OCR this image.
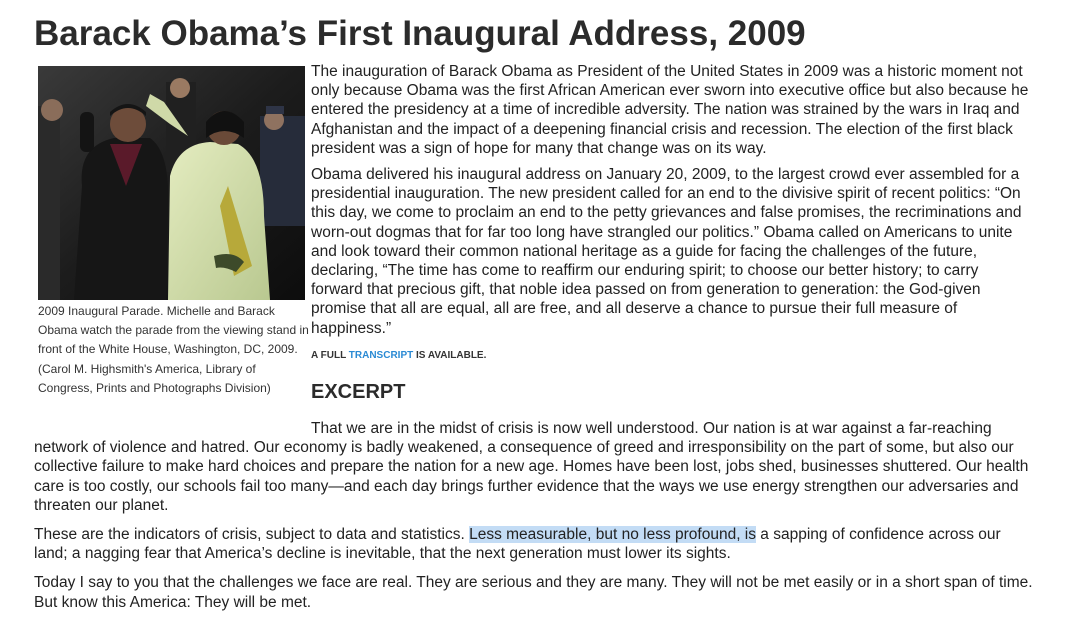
Barack Obama’s First Inaugural Address, 2009
2009 Inaugural Parade. Michelle and Barack Obama watch the parade from the viewing stand in front of the White House, Washington, DC, 2009. (Carol M. Highsmith's America, Library of Congress, Prints and Photographs Division)

The inauguration of Barack Obama as President of the United States in 2009 was a historic moment not only because Obama was the first African American ever sworn into executive office but also because he entered the presidency at a time of incredible adversity. The nation was strained by the wars in Iraq and Afghanistan and the impact of a deepening financial crisis and recession. The election of the first black president was a sign of hope for many that change was on its way.

Obama delivered his inaugural address on January 20, 2009, to the largest crowd ever assembled for a presidential inauguration. The new president called for an end to the divisive spirit of recent politics: “On this day, we come to proclaim an end to the petty grievances and false promises, the recriminations and worn-out dogmas that for far too long have strangled our politics.” Obama called on Americans to unite and look toward their common national heritage as a guide for facing the challenges of the future, declaring, “The time has come to reaffirm our enduring spirit; to choose our better history; to carry forward that precious gift, that noble idea passed on from generation to generation: the God-given promise that all are equal, all are free, and all deserve a chance to pursue their full measure of happiness.”

A FULL TRANSCRIPT IS AVAILABLE.
EXCERPT

That we are in the midst of crisis is now well understood. Our nation is at war against a far-reaching network of violence and hatred. Our economy is badly weakened, a consequence of greed and irresponsibility on the part of some, but also our collective failure to make hard choices and prepare the nation for a new age. Homes have been lost, jobs shed, businesses shuttered. Our health care is too costly, our schools fail too many—and each day brings further evidence that the ways we use energy strengthen our adversaries and threaten our planet.

These are the indicators of crisis, subject to data and statistics. Less measurable, but no less profound, is a sapping of confidence across our land; a nagging fear that America’s decline is inevitable, that the next generation must lower its sights.

Today I say to you that the challenges we face are real. They are serious and they are many. They will not be met easily or in a short span of time. But know this America: They will be met.
